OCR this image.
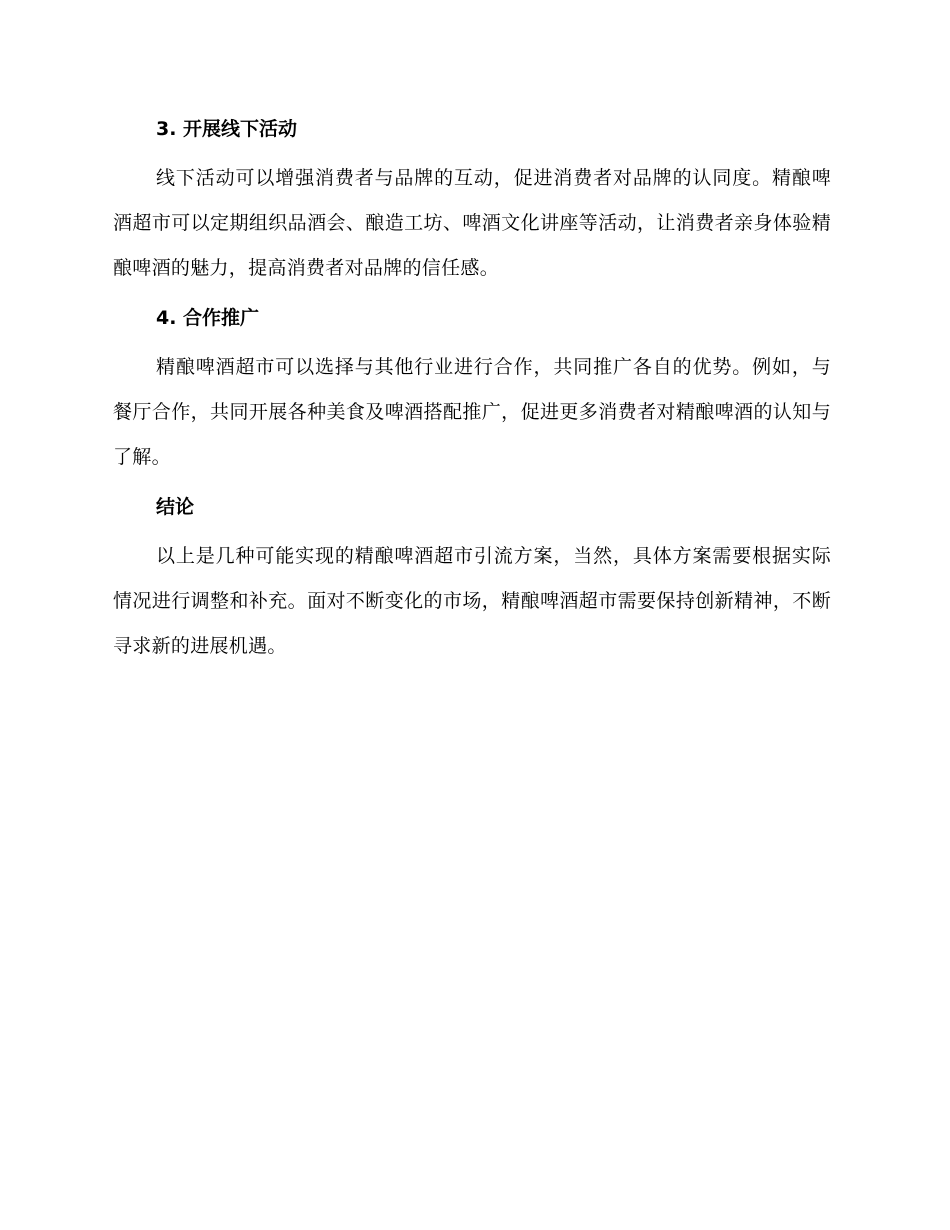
3. 开展线下活动

线下活动可以增强消费者与品牌的互动，促进消费者对品牌的认同度。精酿啤酒超市可以定期组织品酒会、酿造工坊、啤酒文化讲座等活动，让消费者亲身体验精酿啤酒的魅力，提高消费者对品牌的信任感。

4. 合作推广

精酿啤酒超市可以选择与其他行业进行合作，共同推广各自的优势。例如，与餐厅合作，共同开展各种美食及啤酒搭配推广，促进更多消费者对精酿啤酒的认知与了解。

结论

以上是几种可能实现的精酿啤酒超市引流方案，当然，具体方案需要根据实际情况进行调整和补充。面对不断变化的市场，精酿啤酒超市需要保持创新精神，不断寻求新的进展机遇。
